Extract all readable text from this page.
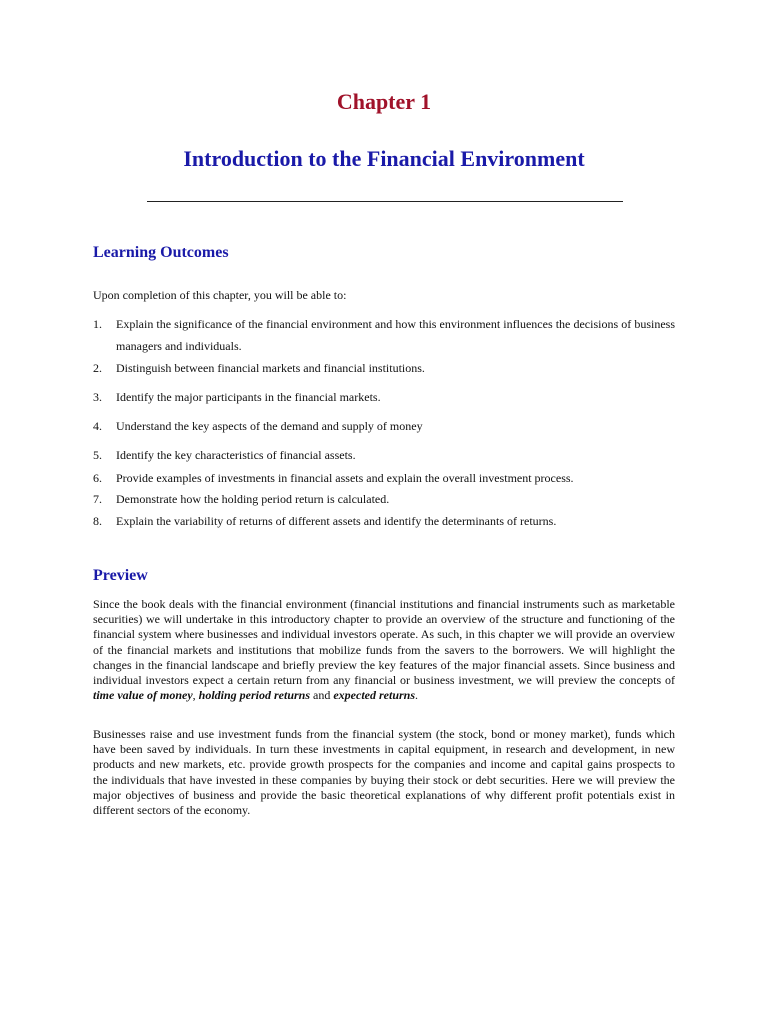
Chapter 1
Introduction to the Financial Environment
Learning Outcomes
Upon completion of this chapter, you will be able to:
1.	Explain the significance of the financial environment and how this environment influences the decisions of business managers and individuals.
2.	Distinguish between financial markets and financial institutions.
3.	Identify the major participants in the financial markets.
4.	Understand the key aspects of the demand and supply of money
5.	Identify the key characteristics of financial assets.
6.	Provide examples of investments in financial assets and explain the overall investment process.
7.	Demonstrate how the holding period return is calculated.
8.	Explain the variability of returns of different assets and identify the determinants of returns.
Preview
Since the book deals with the financial environment (financial institutions and financial instruments such as marketable securities) we will undertake in this introductory chapter to provide an overview of the structure and functioning of the financial system where businesses and individual investors operate. As such, in this chapter we will provide an overview of the financial markets and institutions that mobilize funds from the savers to the borrowers. We will highlight the changes in the financial landscape and briefly preview the key features of the major financial assets. Since business and individual investors expect a certain return from any financial or business investment, we will preview the concepts of time value of money, holding period returns and expected returns.
Businesses raise and use investment funds from the financial system (the stock, bond or money market), funds which have been saved by individuals. In turn these investments in capital equipment, in research and development, in new products and new markets, etc. provide growth prospects for the companies and income and capital gains prospects to the individuals that have invested in these companies by buying their stock or debt securities. Here we will preview the major objectives of business and provide the basic theoretical explanations of why different profit potentials exist in different sectors of the economy.
